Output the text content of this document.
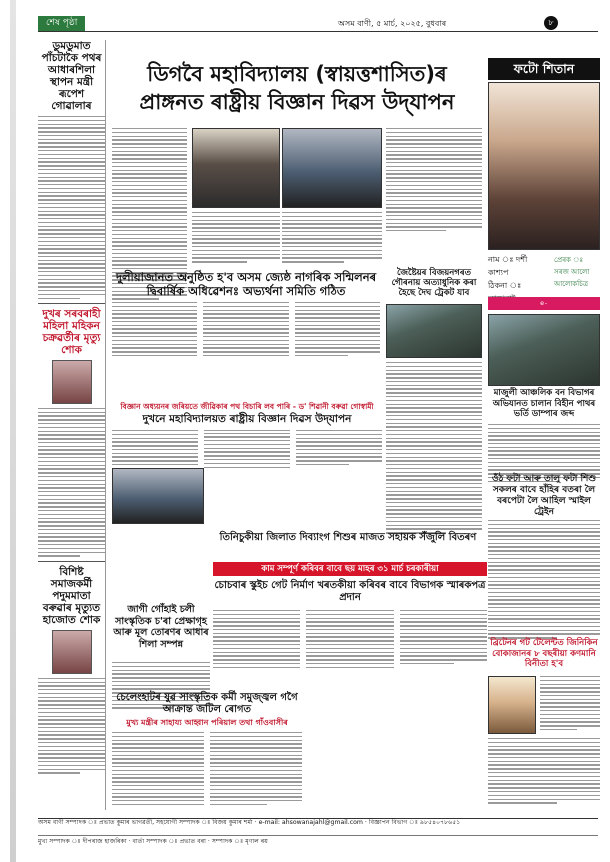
শেষ পৃষ্ঠা	অসম বাণী, ৫ মাৰ্চ, ২০২৫, বুধবাৰ	৮
ডুমডুমাত পাঁচটাকৈ পথৰ আধাৰশিলা স্থাপন মন্ত্ৰী ৰূপেশ গোৱালাৰ
দুখৰ সৰবৰাহী মহিলা মহিকন চক্ৰৱৰ্তীৰ মৃত্যু শোক
বিশিষ্ট সমাজকৰ্মী পদুমমাতা বৰুৱাৰ মৃত্যুত হাজোত শোক
ডিগবৈ মহাবিদ্যালয় (স্বায়ত্তশাসিত)ৰ
প্ৰাঙ্গনত ৰাষ্ট্ৰীয় বিজ্ঞান দিৱস উদ্‌যাপন
দুলীয়াজানত অনুষ্ঠিত হ'ব অসম জ্যেষ্ঠ নাগৰিক সন্মিলনৰ দ্বিবাৰ্ষিক অধিৱেশনঃ অভ্যৰ্থনা সমিতি গঠিত
জৈষ্টৈয়ৰ বিজয়নগৰত গৌৰনায় অত্যাধুনিক কৰা হৈছে দৈঘ ট্ৰেকট যাব
বিজ্ঞান অধ্যয়নৰ জৰিয়তে জীৱিকাৰ পথ বিচাৰি লব পাৰি - ড' শিৱানী বৰুৱা গোস্বামী
দুখনে মহাবিদ্যালয়ত ৰাষ্ট্ৰীয় বিজ্ঞান দিৱস উদ্‌যাপন
তিনিচুকীয়া জিলাত দিব্যাংগ শিশুৰ মাজত সহায়ক সঁজুলি বিতৰণ
জাগী গোঁহাই চলী সাংস্কৃতিক চ'ৰা প্ৰেক্ষাগৃহ আৰু মূল তোৰণৰ আধাৰ শিলা সম্পন্ন
কাম সম্পূৰ্ণ কৰিবৰ বাবে ছয় মাহৰ ৩১ মাৰ্চ চৰকাৰীয়া
চোচবাৰ স্কুইচ গেট নিৰ্মাণ খৰতকীয়া কৰিবৰ বাবে বিভাগক স্মাৰকপত্ৰ প্ৰদান
চেলেংহাটৰ যুৱ সাংস্কৃতিক কৰ্মী সমুজ্জ্বল গগৈ আক্ৰান্ত জটিল ৰোগত
মুখ্য মন্ত্ৰীৰ সাহায্য আহ্বান পৰিয়াল তথা গাঁওবাসীৰ
ফটো শিতান
নাম ঃ দৰ্শী কাশ্যপ
ঠিকনা ঃ
প্ৰেৰক ঃ সৰজ আলো আলোকচিত্ৰ
e-
মাজুলী আঞ্চলিক বন বিভাগৰ অভিযানত চালান বিহীন পাথৰ ভৰ্তি ডাম্পাৰ জব্দ
ওঁঠ ফটা আৰু তালু ফটা শিশু সকলৰ বাবে হাঁহিৰ বতৰা লৈ বৰপেটা লৈ আহিল স্মাইল ট্ৰেইন
ব্ৰিটেনৰ গট টেলেন্টত জিনিকিন বোকাজানৰ ৮ বছৰীয়া কণমানি বিনীতা হ'ব
অসম বাণী সম্পাদক ঃ প্ৰভাত কুমাৰ ভাগৱতী, সহযোগী সম্পাদক ঃ বিজয় কুমাৰ শৰ্মা · e-mail: ahsowanajahl@gmail.com · বিজ্ঞাপন বিভাগ ঃ ৯৮৫৪০৭৮৬৫১
মুখ্য সম্পাদক ঃ দীপৰাজ হাজৰিকা · বাৰ্তা সম্পাদক ঃ প্ৰভাত বৰা · সম্পাদক ঃ মৃণাল ৰয়
